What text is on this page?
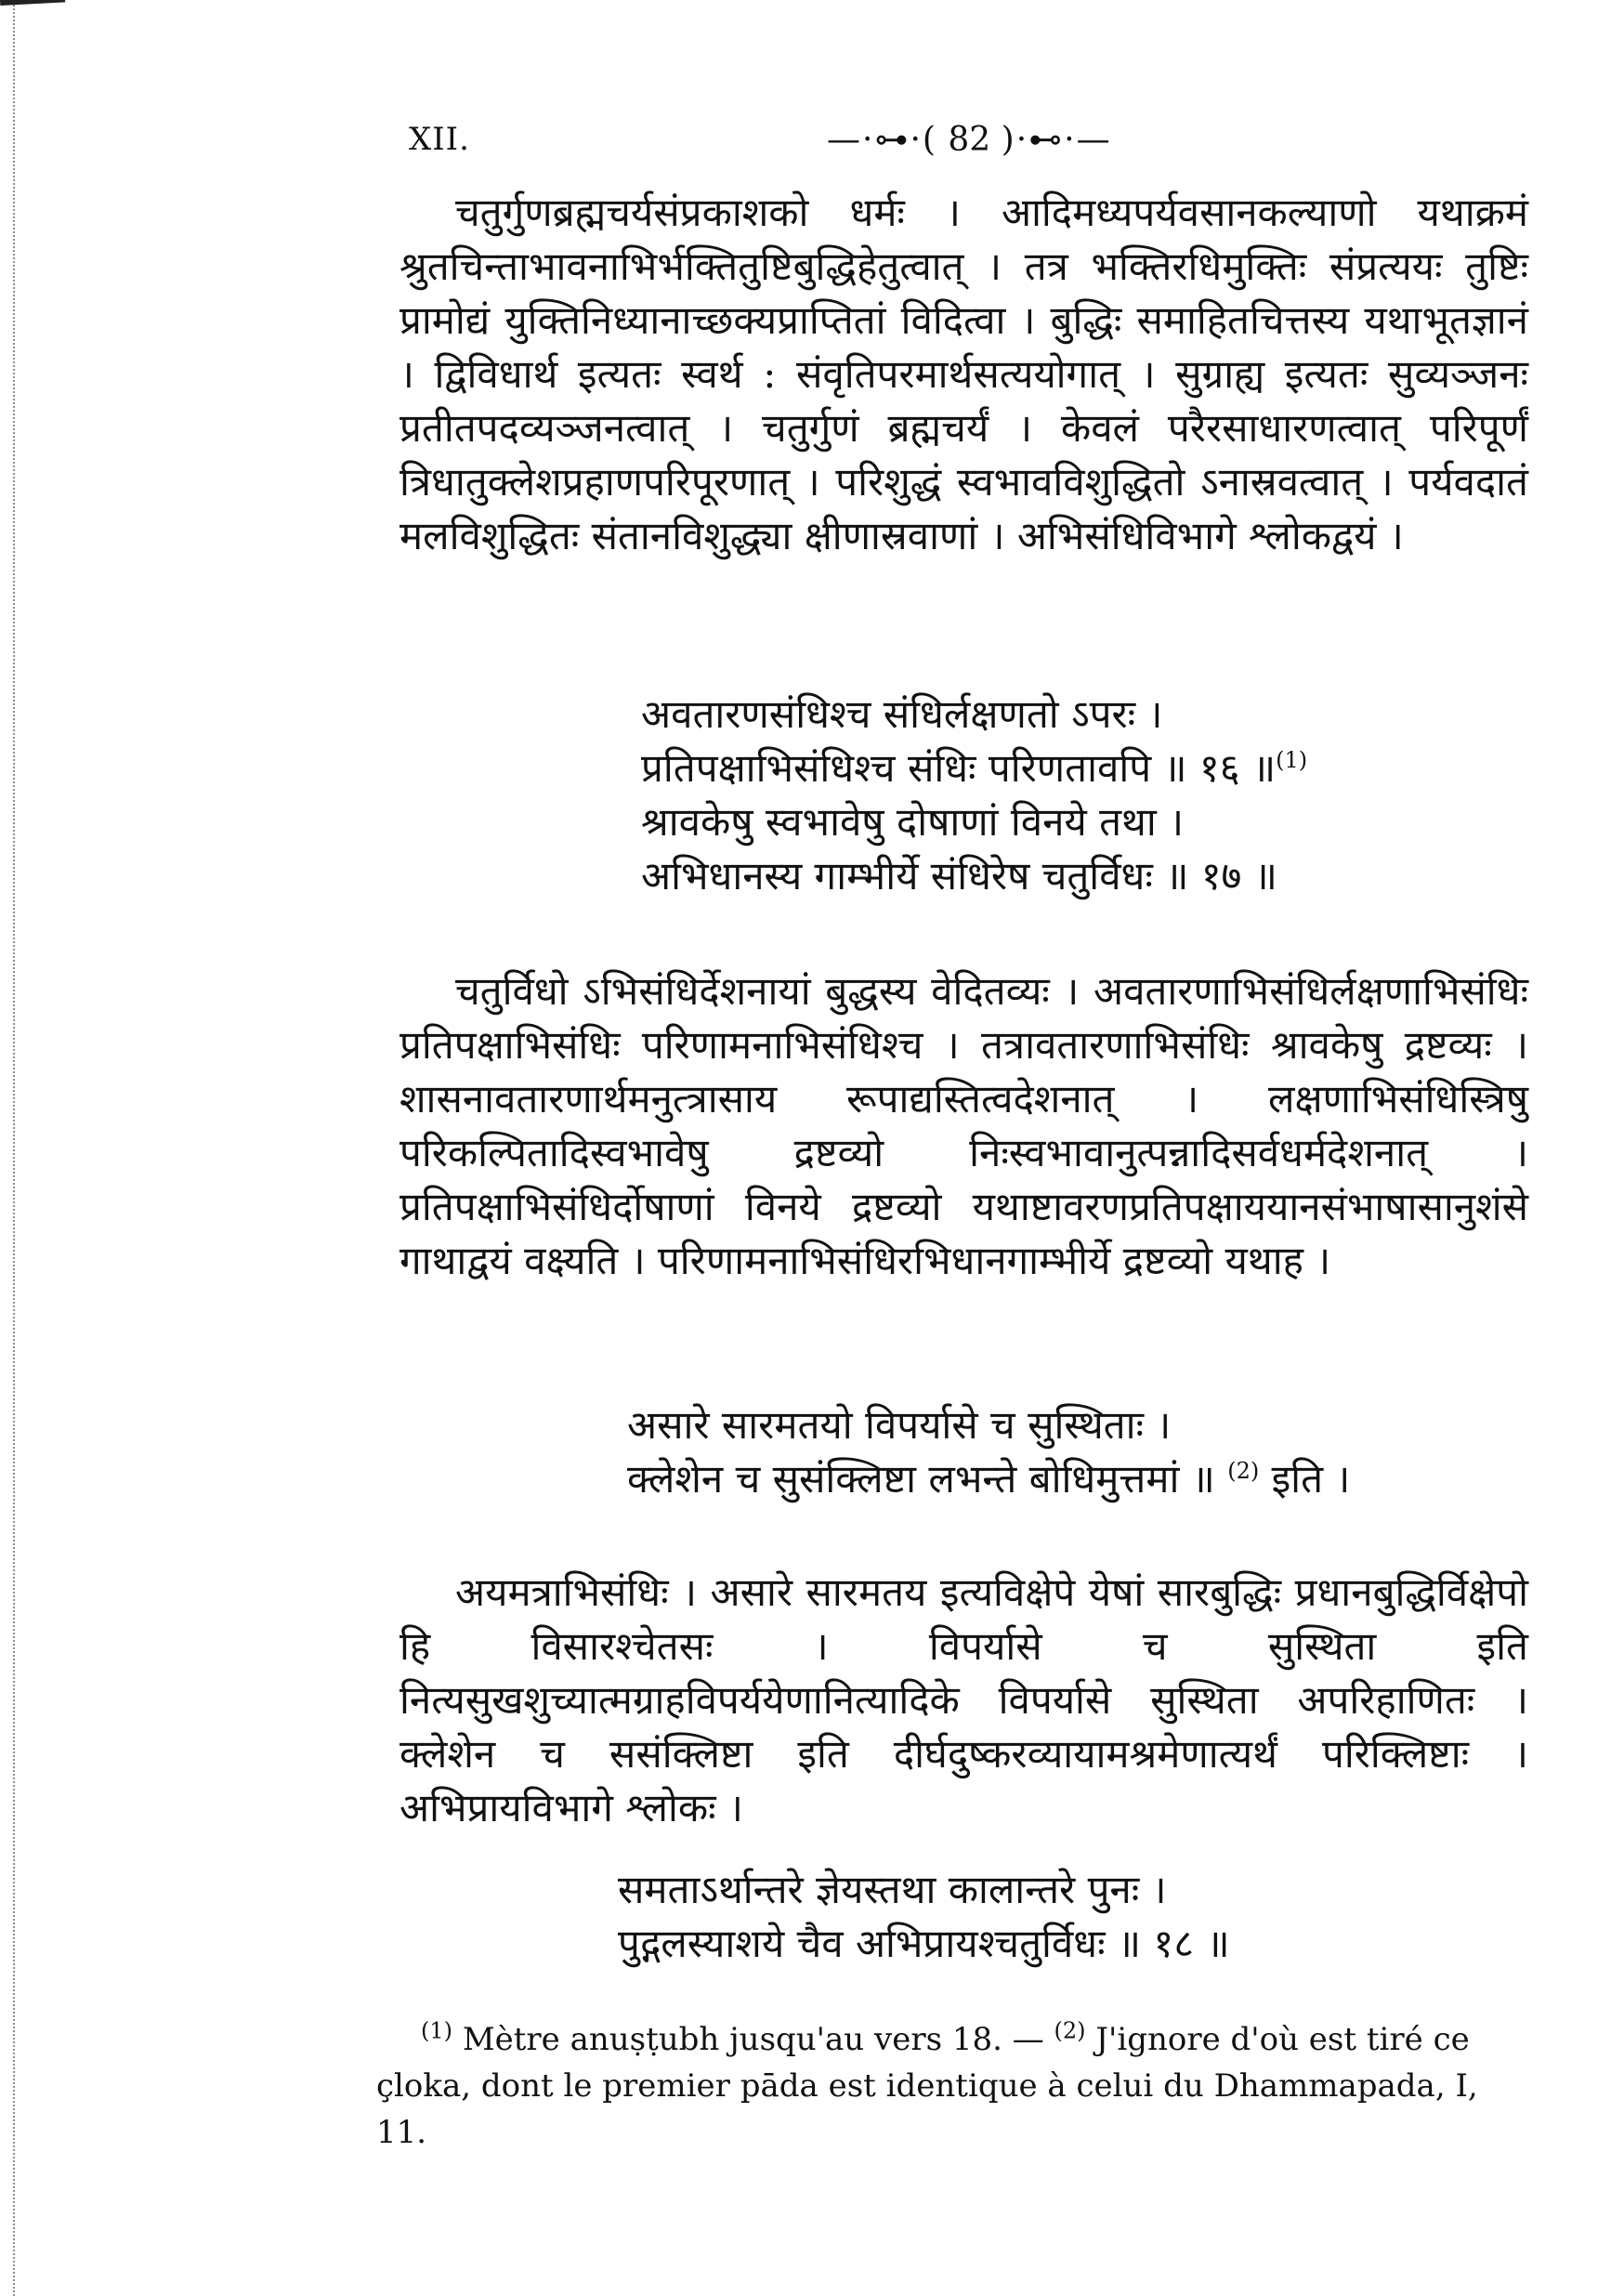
XII.	—·⊶·( 82 )·⊷·—

चतुर्गुणब्रह्मचर्यसंप्रकाशको धर्मः । आदिमध्यपर्यवसानकल्याणो यथाक्रमं श्रुतचिन्ताभावनाभिर्भक्तितुष्टिबुद्धिहेतुत्वात् । तत्र भक्तिरधिमुक्तिः संप्रत्ययः तुष्टिः प्रामोद्यं युक्तिनिध्यानाच्छक्यप्राप्तितां विदित्वा । बुद्धिः समाहितचित्तस्य यथाभूतज्ञानं । द्विविधार्थ इत्यतः स्वर्थ : संवृतिपरमार्थसत्ययोगात् । सुग्राह्य इत्यतः सुव्यञ्जनः प्रतीतपदव्यञ्जनत्वात् । चतुर्गुणं ब्रह्मचर्यं । केवलं परैरसाधारणत्वात् परिपूर्णं त्रिधातुक्लेशप्रहाणपरिपूरणात् । परिशुद्धं स्वभावविशुद्धितो ऽनास्रवत्वात् । पर्यवदातं मलविशुद्धितः संतानविशुद्ध्या क्षीणास्रवाणां । अभिसंधिविभागे श्लोकद्वयं ।

अवतारणसंधिश्च संधिर्लक्षणतो ऽपरः ।
प्रतिपक्षाभिसंधिश्च संधिः परिणतावपि ॥ १६ ॥$^{(1)}$
श्रावकेषु स्वभावेषु दोषाणां विनये तथा ।
अभिधानस्य गाम्भीर्ये संधिरेष चतुर्विधः ॥ १७ ॥

चतुर्विधो ऽभिसंधिर्देशनायां बुद्धस्य वेदितव्यः । अवतारणाभिसंधिर्लक्षणाभिसंधिः प्रतिपक्षाभिसंधिः परिणामनाभिसंधिश्च । तत्रावतारणाभिसंधिः श्रावकेषु द्रष्टव्यः । शासनावतारणार्थमनुत्त्रासाय रूपाद्यस्तित्वदेशनात् । लक्षणाभिसंधिस्त्रिषु परिकल्पितादिस्वभावेषु द्रष्टव्यो निःस्वभावानुत्पन्नादिसर्वधर्मदेशनात् । प्रतिपक्षाभिसंधिर्दोषाणां विनये द्रष्टव्यो यथाष्टावरणप्रतिपक्षाययानसंभाषासानुशंसे गाथाद्वयं वक्ष्यति । परिणामनाभिसंधिरभिधानगाम्भीर्ये द्रष्टव्यो यथाह ।

असारे सारमतयो विपर्यासे च सुस्थिताः ।
क्लेशेन च सुसंक्लिष्टा लभन्ते बोधिमुत्तमां ॥ $^{(2)}$ इति ।

अयमत्राभिसंधिः । असारे सारमतय इत्यविक्षेपे येषां सारबुद्धिः प्रधानबुद्धिर्विक्षेपो हि विसारश्चेतसः । विपर्यासे च सुस्थिता इति नित्यसुखशुच्यात्मग्राहविपर्ययेणानित्यादिके विपर्यासे सुस्थिता अपरिहाणितः । क्लेशेन च ससंक्लिष्टा इति दीर्घदुष्करव्यायामश्रमेणात्यर्थं परिक्लिष्टाः । अभिप्रायविभागे श्लोकः ।

समताऽर्थान्तरे ज्ञेयस्तथा कालान्तरे पुनः ।
पुद्गलस्याशये चैव अभिप्रायश्चतुर्विधः ॥ १८ ॥

$^{(1)}$ Mètre anuṣṭubh jusqu'au vers 18. — $^{(2)}$ J'ignore d'où est tiré ce çloka, dont le premier pāda est identique à celui du Dhammapada, I, 11.
